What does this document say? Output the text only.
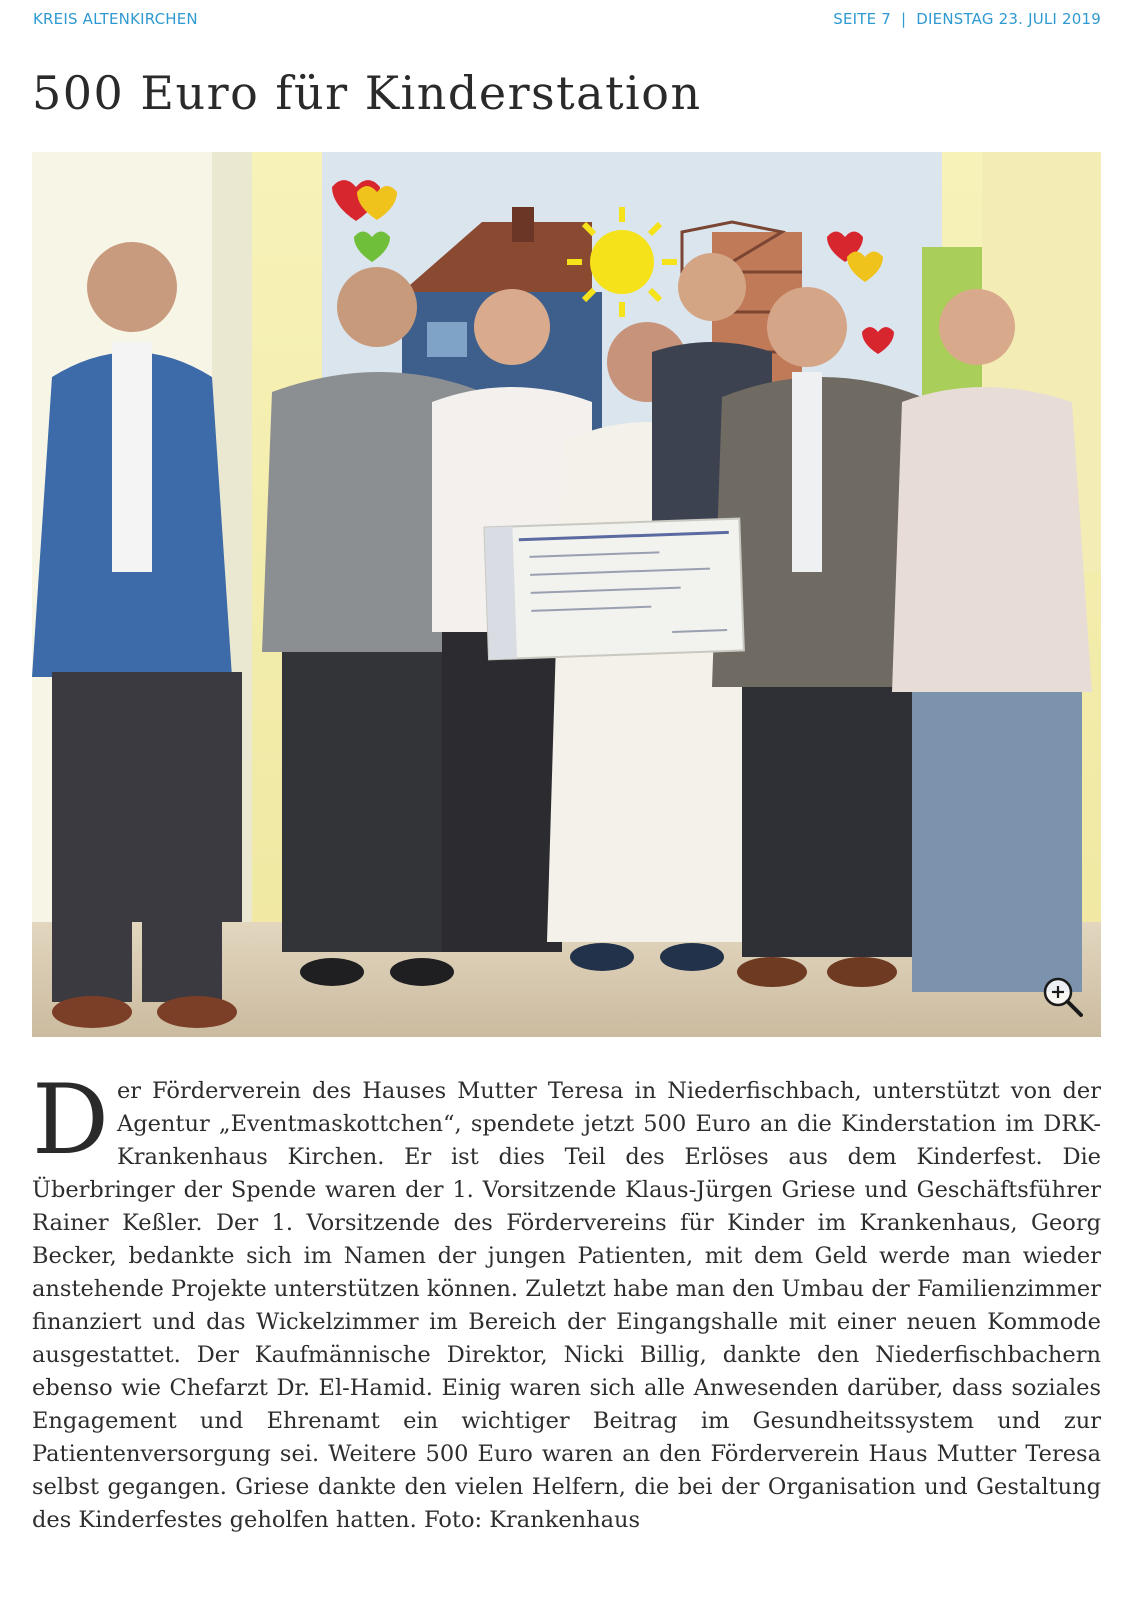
KREIS ALTENKIRCHEN	SEITE 7 | DIENSTAG 23. JULI 2019
500 Euro für Kinderstation

Der Förderverein des Hauses Mutter Teresa in Niederfischbach, unterstützt von der Agentur „Eventmaskottchen“, spendete jetzt 500 Euro an die Kinderstation im DRK-Krankenhaus Kirchen. Er ist dies Teil des Erlöses aus dem Kinderfest. Die Überbringer der Spende waren der 1. Vorsitzende Klaus-Jürgen Griese und Geschäftsführer Rainer Keßler. Der 1. Vorsitzende des Fördervereins für Kinder im Krankenhaus, Georg Becker, bedankte sich im Namen der jungen Patienten, mit dem Geld werde man wieder anstehende Projekte unterstützen können. Zuletzt habe man den Umbau der Familienzimmer finanziert und das Wickelzimmer im Bereich der Eingangshalle mit einer neuen Kommode ausgestattet. Der Kaufmännische Direktor, Nicki Billig, dankte den Niederfischbachern ebenso wie Chefarzt Dr. El-Hamid. Einig waren sich alle Anwesenden darüber, dass soziales Engagement und Ehrenamt ein wichtiger Beitrag im Gesundheitssystem und zur Patientenversorgung sei. Weitere 500 Euro waren an den Förderverein Haus Mutter Teresa selbst gegangen. Griese dankte den vielen Helfern, die bei der Organisation und Gestaltung des Kinderfestes geholfen hatten. Foto: Krankenhaus
